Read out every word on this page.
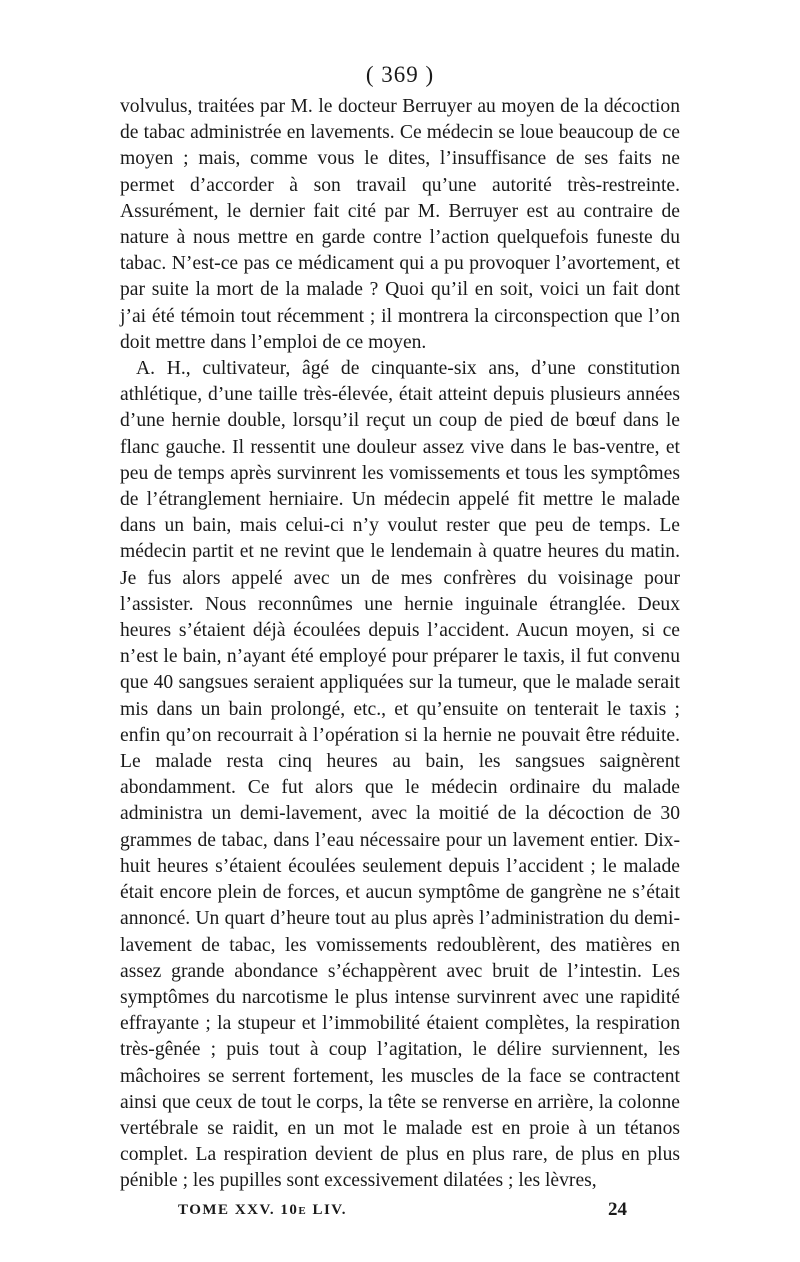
( 369 )

volvulus, traitées par M. le docteur Berruyer au moyen de la décoction de tabac administrée en lavements. Ce médecin se loue beaucoup de ce moyen ; mais, comme vous le dites, l’insuffisance de ses faits ne permet d’accorder à son travail qu’une autorité très-restreinte. Assurément, le dernier fait cité par M. Berruyer est au contraire de nature à nous mettre en garde contre l’action quelquefois funeste du tabac. N’est-ce pas ce médicament qui a pu provoquer l’avortement, et par suite la mort de la malade ? Quoi qu’il en soit, voici un fait dont j’ai été témoin tout récemment ; il montrera la circonspection que l’on doit mettre dans l’emploi de ce moyen.

A. H., cultivateur, âgé de cinquante-six ans, d’une constitution athlétique, d’une taille très-élevée, était atteint depuis plusieurs années d’une hernie double, lorsqu’il reçut un coup de pied de bœuf dans le flanc gauche. Il ressentit une douleur assez vive dans le bas-ventre, et peu de temps après survinrent les vomissements et tous les symptômes de l’étranglement herniaire. Un médecin appelé fit mettre le malade dans un bain, mais celui-ci n’y voulut rester que peu de temps. Le médecin partit et ne revint que le lendemain à quatre heures du matin. Je fus alors appelé avec un de mes confrères du voisinage pour l’assister. Nous reconnûmes une hernie inguinale étranglée. Deux heures s’étaient déjà écoulées depuis l’accident. Aucun moyen, si ce n’est le bain, n’ayant été employé pour préparer le taxis, il fut convenu que 40 sangsues seraient appliquées sur la tumeur, que le malade serait mis dans un bain prolongé, etc., et qu’ensuite on tenterait le taxis ; enfin qu’on recourrait à l’opération si la hernie ne pouvait être réduite. Le malade resta cinq heures au bain, les sangsues saignèrent abondamment. Ce fut alors que le médecin ordinaire du malade administra un demi-lavement, avec la moitié de la décoction de 30 grammes de tabac, dans l’eau nécessaire pour un lavement entier. Dix-huit heures s’étaient écoulées seulement depuis l’accident ; le malade était encore plein de forces, et aucun symptôme de gangrène ne s’était annoncé. Un quart d’heure tout au plus après l’administration du demi-lavement de tabac, les vomissements redoublèrent, des matières en assez grande abondance s’échappèrent avec bruit de l’intestin. Les symptômes du narcotisme le plus intense survinrent avec une rapidité effrayante ; la stupeur et l’immobilité étaient complètes, la respiration très-gênée ; puis tout à coup l’agitation, le délire surviennent, les mâchoires se serrent fortement, les muscles de la face se contractent ainsi que ceux de tout le corps, la tête se renverse en arrière, la colonne vertébrale se raidit, en un mot le malade est en proie à un tétanos complet. La respiration devient de plus en plus rare, de plus en plus pénible ; les pupilles sont excessivement dilatées ; les lèvres,

TOME XXV. 10e LIV.	24
